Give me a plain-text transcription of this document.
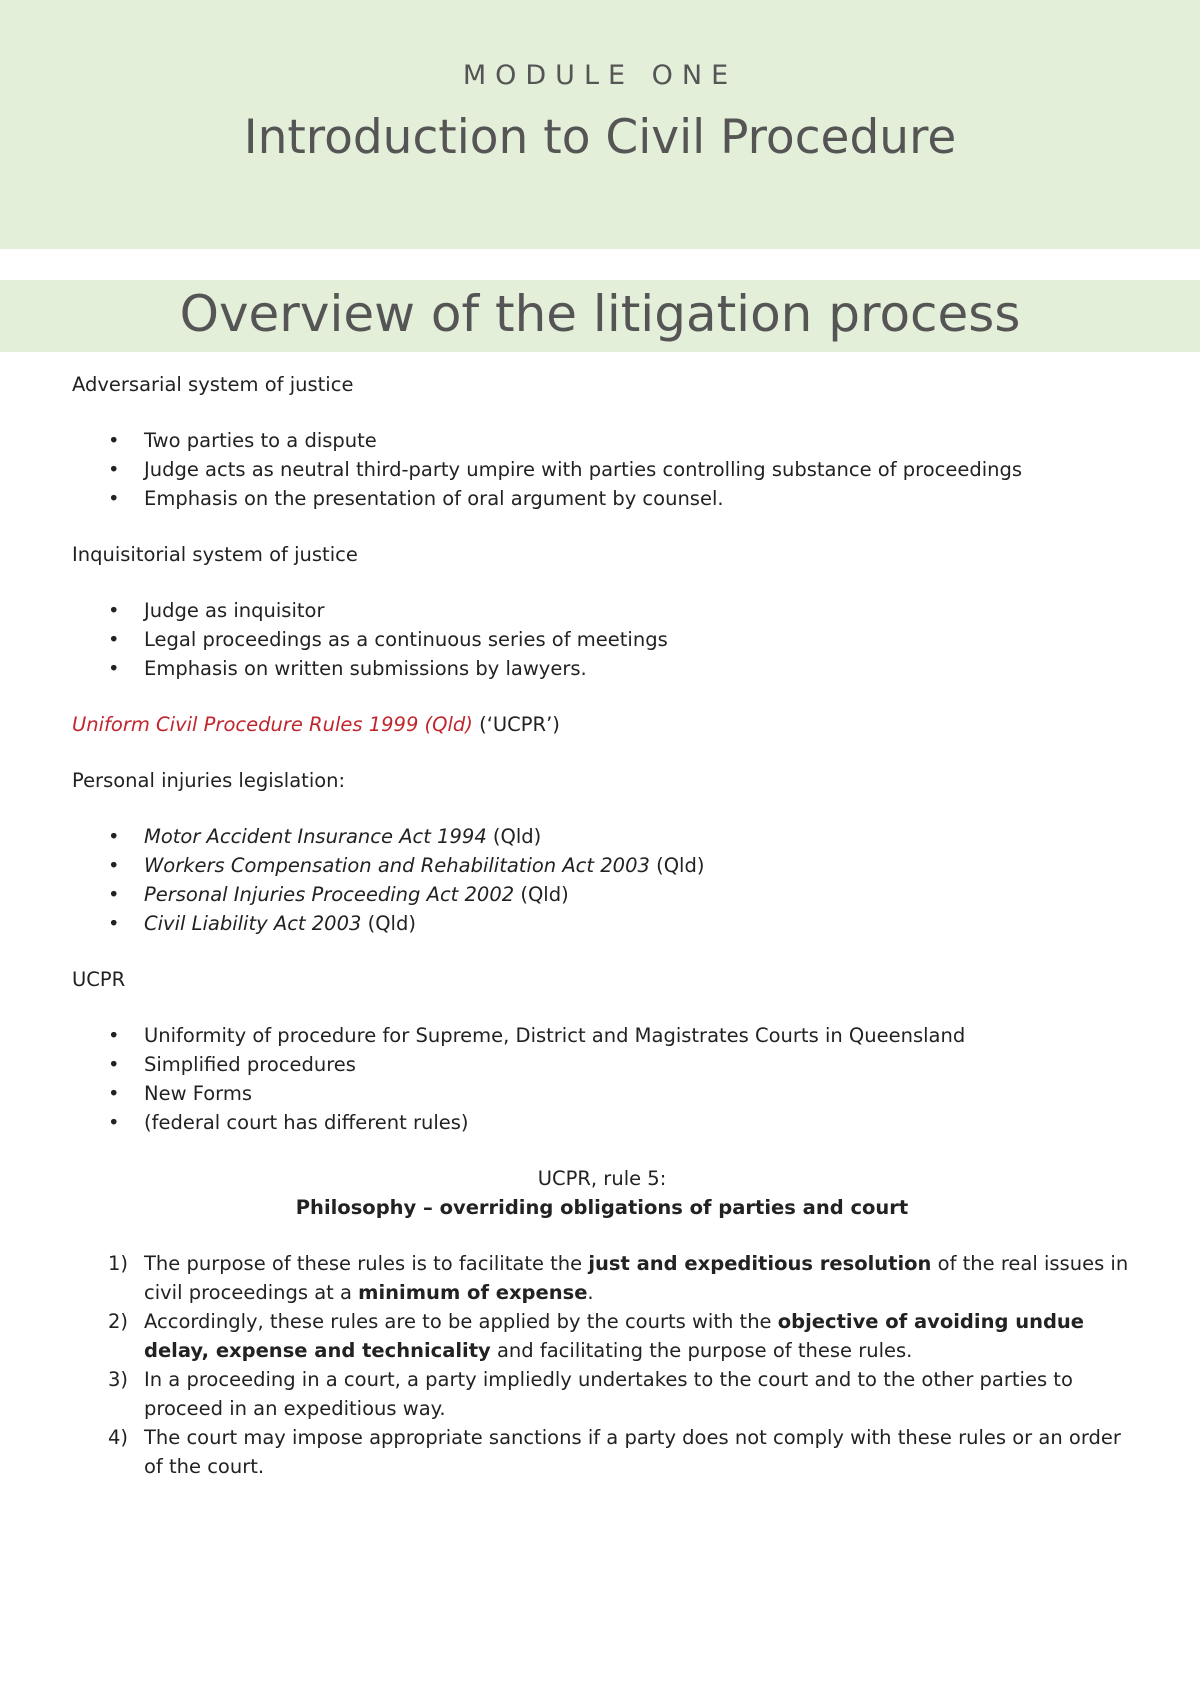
MODULE ONE
Introduction to Civil Procedure
Overview of the litigation process

Adversarial system of justice

• Two parties to a dispute
• Judge acts as neutral third-party umpire with parties controlling substance of proceedings
• Emphasis on the presentation of oral argument by counsel.

Inquisitorial system of justice

• Judge as inquisitor
• Legal proceedings as a continuous series of meetings
• Emphasis on written submissions by lawyers.

Uniform Civil Procedure Rules 1999 (Qld) (‘UCPR’)

Personal injuries legislation:

• Motor Accident Insurance Act 1994 (Qld)
• Workers Compensation and Rehabilitation Act 2003 (Qld)
• Personal Injuries Proceeding Act 2002 (Qld)
• Civil Liability Act 2003 (Qld)

UCPR

• Uniformity of procedure for Supreme, District and Magistrates Courts in Queensland
• Simplified procedures
• New Forms
• (federal court has different rules)
UCPR, rule 5:
Philosophy – overriding obligations of parties and court
1) The purpose of these rules is to facilitate the just and expeditious resolution of the real issues in civil proceedings at a minimum of expense.
2) Accordingly, these rules are to be applied by the courts with the objective of avoiding undue delay, expense and technicality and facilitating the purpose of these rules.
3) In a proceeding in a court, a party impliedly undertakes to the court and to the other parties to proceed in an expeditious way.
4) The court may impose appropriate sanctions if a party does not comply with these rules or an order of the court.
